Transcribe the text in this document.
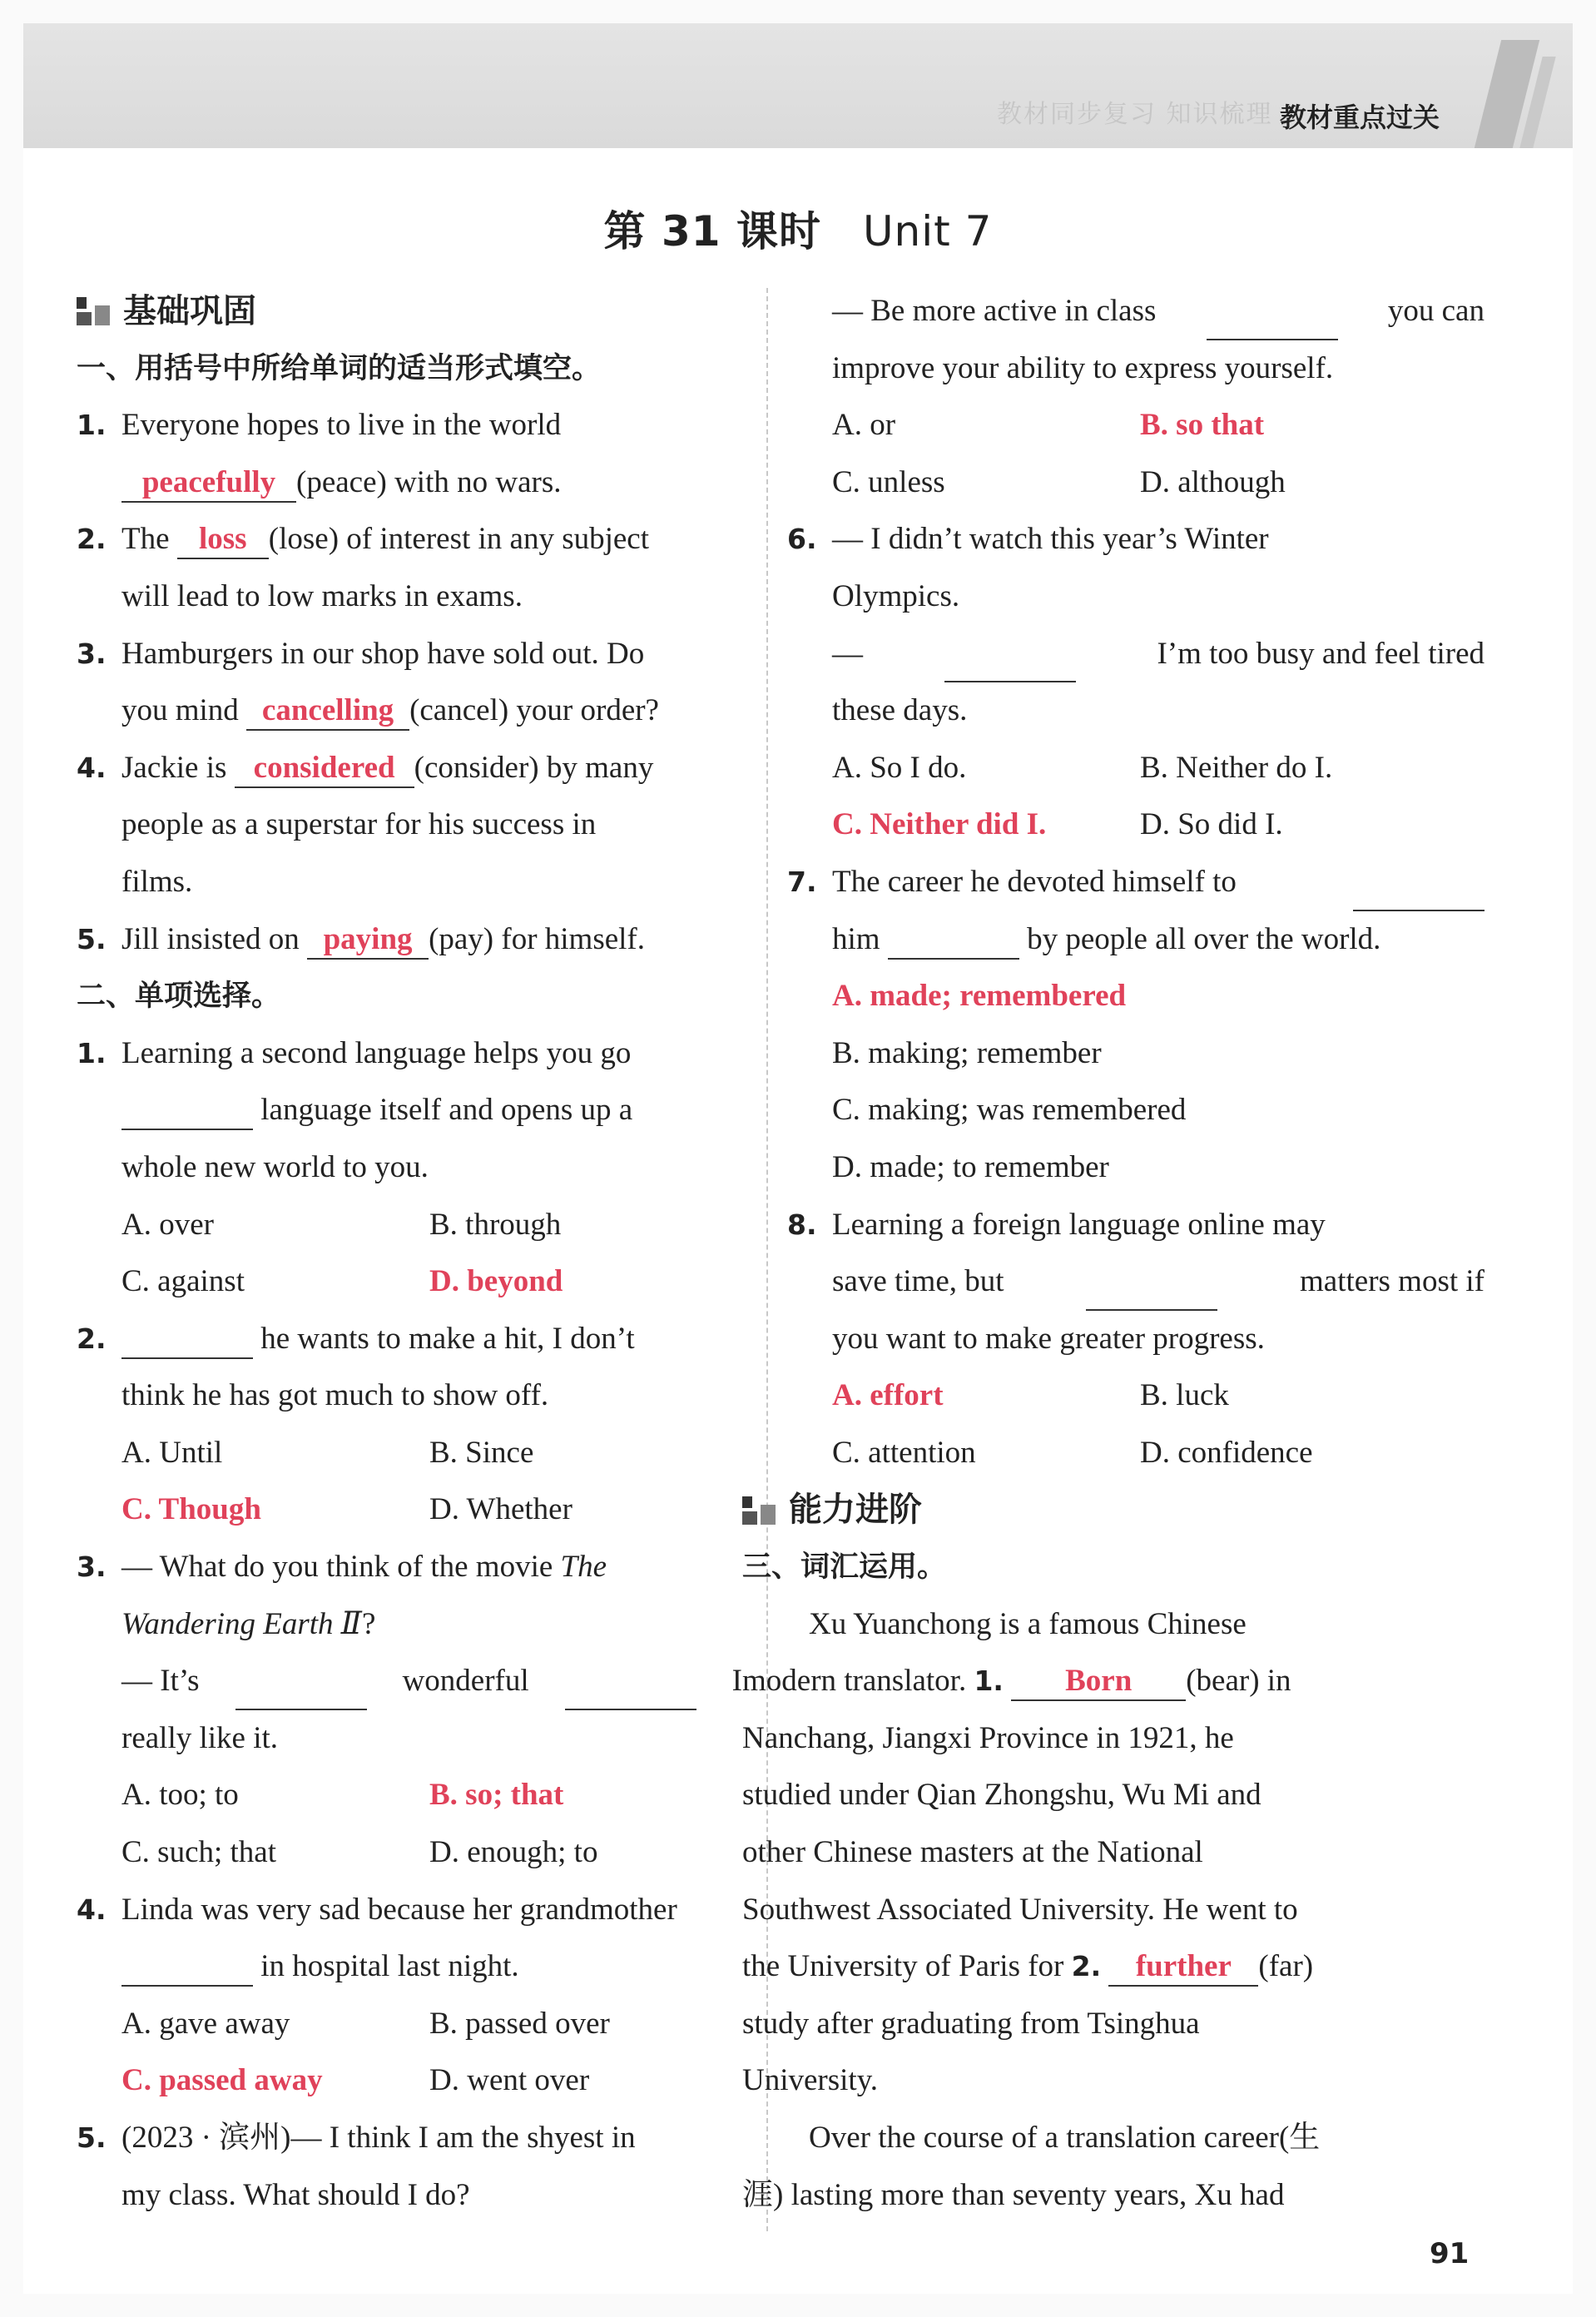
教材同步复习 知识梳理 教材重点过关
第 31 课时 Unit 7
基础巩固
一、用括号中所给单词的适当形式填空。
1. Everyone hopes to live in the world
peacefully (peace) with no wars.
2. The loss (lose) of interest in any subject
will lead to low marks in exams.
3. Hamburgers in our shop have sold out. Do
you mind cancelling (cancel) your order?
4. Jackie is considered (consider) by many
people as a superstar for his success in
films.
5. Jill insisted on paying (pay) for himself.
二、单项选择。
1. Learning a second language helps you go
language itself and opens up a
whole new world to you.
A. over	B. through
C. against	D. beyond
2.	he wants to make a hit, I don’t
think he has got much to show off.
A. Until	B. Since
C. Though	D. Whether
3. — What do you think of the movie The
Wandering Earth Ⅱ?
— It’s
	wonderful
	I
really like it.
A. too; to	B. so; that
C. such; that	D. enough; to
4. Linda was very sad because her grandmother
in hospital last night.
A. gave away	B. passed over
C. passed away	D. went over
5. (2023 · 滨州)— I think I am the shyest in
my class. What should I do?
— Be more active in class
	you can
improve your ability to express yourself.
A. or	B. so that
C. unless	D. although
6. — I didn’t watch this year’s Winter
Olympics.
—
	I’m too busy and feel tired
these days.
A. So I do.	B. Neither do I.
C. Neither did I.	D. So did I.
7. The career he devoted himself to

him	by people all over the world.
A. made; remembered
B. making; remember
C. making; was remembered
D. made; to remember
8. Learning a foreign language online may
save time, but
	matters most if
you want to make greater progress.
A. effort	B. luck
C. attention	D. confidence
能力进阶
三、词汇运用。
Xu Yuanchong is a famous Chinese
modern translator. 1. Born (bear) in
Nanchang, Jiangxi Province in 1921, he
studied under Qian Zhongshu, Wu Mi and
other Chinese masters at the National
Southwest Associated University. He went to
the University of Paris for 2. further (far)
study after graduating from Tsinghua
University.
Over the course of a translation career(生
涯) lasting more than seventy years, Xu had
91
